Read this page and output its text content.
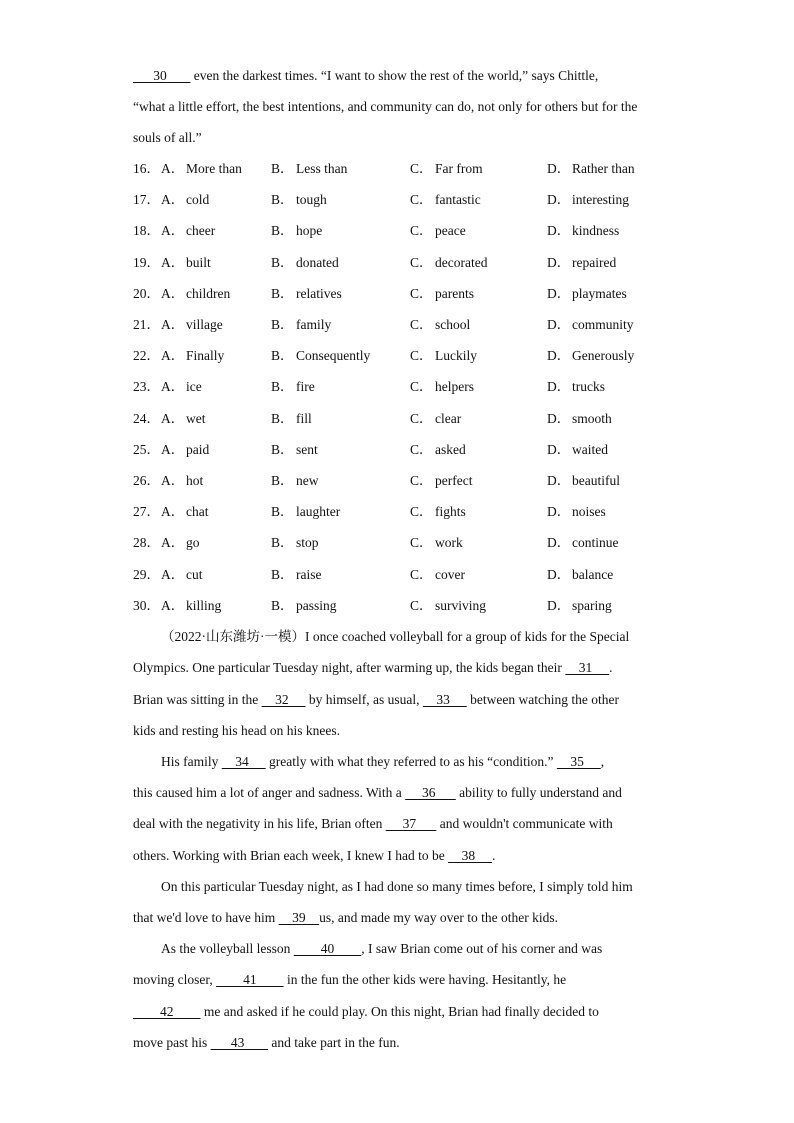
30        even the darkest times. “I want to show the rest of the world,” says Chittle,
“what a little effort, the best intentions, and community can do, not only for others but for the
souls of all.”
16．A． More than B． Less than	C． Far from	D． Rather than
17．A． cold	B． tough	C． fantastic	D． interesting
18．A． cheer	B． hope	C． peace	D． kindness
19．A． built	B． donated	C． decorated	D． repaired
20．A． children	B． relatives	C． parents	D． playmates
21．A． village	B． family	C． school	D． community
22．A． Finally	B． Consequently	C． Luckily	D． Generously
23．A． ice	B． fire	C． helpers	D． trucks
24．A． wet	B． fill	C． clear	D． smooth
25．A． paid	B． sent	C． asked	D． waited
26．A． hot	B． new	C． perfect	D． beautiful
27．A． chat	B． laughter	C． fights	D． noises
28．A． go	B． stop	C． work	D． continue
29．A． cut	B． raise	C． cover	D． balance
30．A． killing	B． passing	C． surviving	D． sparing
（2022·山东潍坊·一模）I once coached volleyball for a group of kids for the Special
Olympics. One particular Tuesday night, after warming up, the kids began their     31     .
Brian was sitting in the     32      by himself, as usual,     33      between watching the other
kids and resting his head on his knees.
His family     34      greatly with what they referred to as his “condition.”     35     ,
this caused him a lot of anger and sadness. With a      36       ability to fully understand and
deal with the negativity in his life, Brian often      37       and wouldn't communicate with
others. Working with Brian each week, I knew I had to be     38     .
On this particular Tuesday night, as I had done so many times before, I simply told him
that we'd love to have him     39    us, and made my way over to the other kids.
As the volleyball lesson         40        , I saw Brian come out of his corner and was
moving closer,         41         in the fun the other kids were having. Hesitantly, he
42         me and asked if he could play. On this night, Brian had finally decided to
move past his       43        and take part in the fun.
